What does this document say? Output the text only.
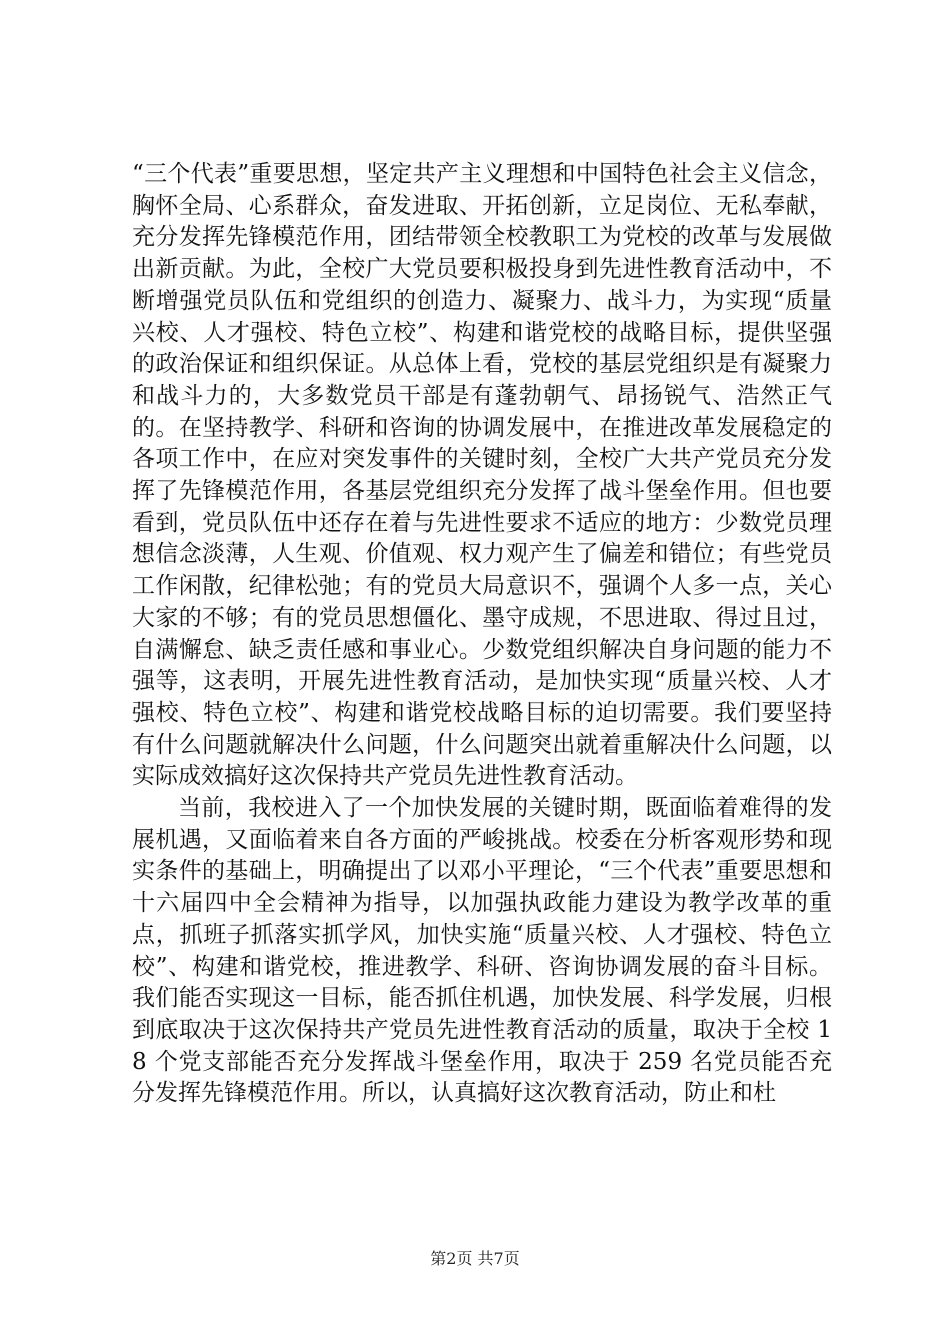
“三个代表”重要思想，坚定共产主义理想和中国特色社会主义信念，胸怀全局、心系群众，奋发进取、开拓创新，立足岗位、无私奉献，充分发挥先锋模范作用，团结带领全校教职工为党校的改革与发展做出新贡献。为此，全校广大党员要积极投身到先进性教育活动中，不断增强党员队伍和党组织的创造力、凝聚力、战斗力，为实现“质量兴校、人才强校、特色立校”、构建和谐党校的战略目标，提供坚强的政治保证和组织保证。从总体上看，党校的基层党组织是有凝聚力和战斗力的，大多数党员干部是有蓬勃朝气、昂扬锐气、浩然正气的。在坚持教学、科研和咨询的协调发展中，在推进改革发展稳定的各项工作中，在应对突发事件的关键时刻，全校广大共产党员充分发挥了先锋模范作用，各基层党组织充分发挥了战斗堡垒作用。但也要看到，党员队伍中还存在着与先进性要求不适应的地方：少数党员理想信念淡薄，人生观、价值观、权力观产生了偏差和错位；有些党员工作闲散，纪律松弛；有的党员大局意识不，强调个人多一点，关心大家的不够；有的党员思想僵化、墨守成规，不思进取、得过且过，自满懈怠、缺乏责任感和事业心。少数党组织解决自身问题的能力不强等，这表明，开展先进性教育活动，是加快实现“质量兴校、人才强校、特色立校”、构建和谐党校战略目标的迫切需要。我们要坚持有什么问题就解决什么问题，什么问题突出就着重解决什么问题，以实际成效搞好这次保持共产党员先进性教育活动。

当前，我校进入了一个加快发展的关键时期，既面临着难得的发展机遇，又面临着来自各方面的严峻挑战。校委在分析客观形势和现实条件的基础上，明确提出了以邓小平理论，“三个代表”重要思想和十六届四中全会精神为指导，以加强执政能力建设为教学改革的重点，抓班子抓落实抓学风，加快实施“质量兴校、人才强校、特色立校”、构建和谐党校，推进教学、科研、咨询协调发展的奋斗目标。我们能否实现这一目标，能否抓住机遇，加快发展、科学发展，归根到底取决于这次保持共产党员先进性教育活动的质量，取决于全校 18 个党支部能否充分发挥战斗堡垒作用，取决于 259 名党员能否充分发挥先锋模范作用。所以，认真搞好这次教育活动，防止和杜

第2页 共7页
